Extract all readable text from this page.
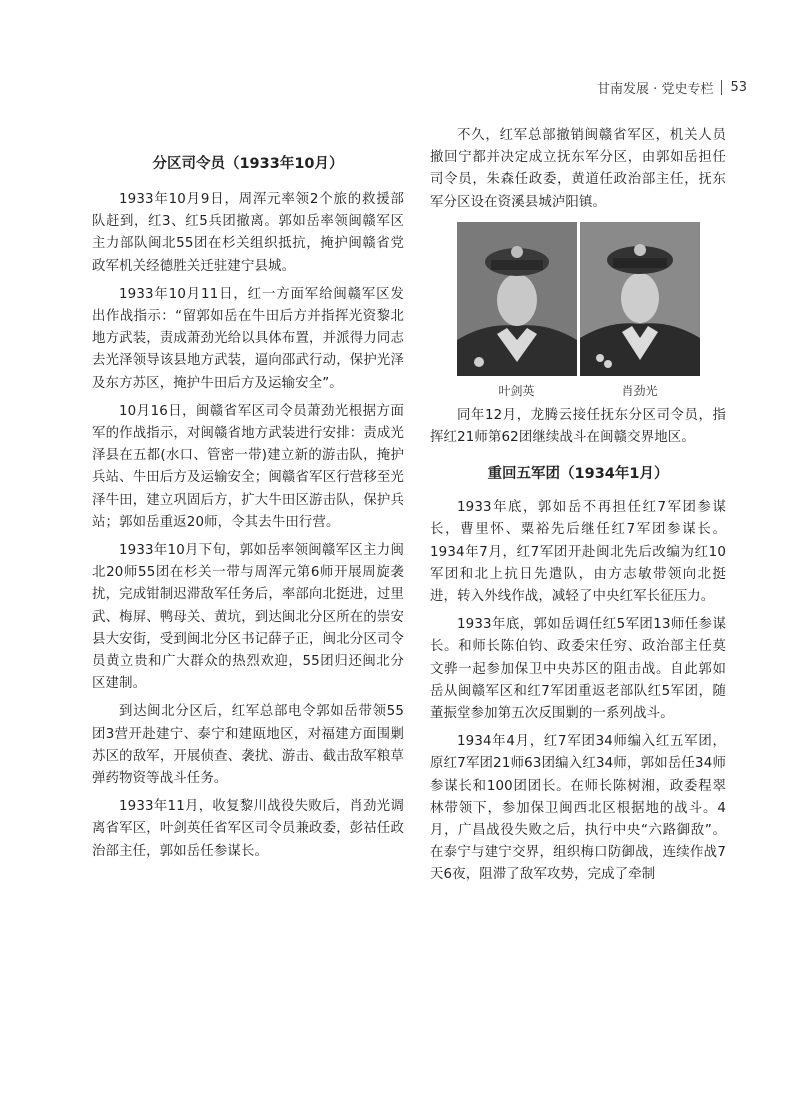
甘南发展 · 党史专栏 53
分区司令员（1933年10月）

1933年10月9日，周浑元率领2个旅的救援部队赶到，红3、红5兵团撤离。郭如岳率领闽赣军区主力部队闽北55团在杉关组织抵抗，掩护闽赣省党政军机关经德胜关迁驻建宁县城。

1933年10月11日，红一方面军给闽赣军区发出作战指示：“留郭如岳在牛田后方并指挥光资黎北地方武装，责成萧劲光给以具体布置，并派得力同志去光泽领导该县地方武装，逼向邵武行动，保护光泽及东方苏区，掩护牛田后方及运输安全”。

10月16日，闽赣省军区司令员萧劲光根据方面军的作战指示，对闽赣省地方武装进行安排：责成光泽县在五都(水口、管密一带)建立新的游击队，掩护兵站、牛田后方及运输安全；闽赣省军区行营移至光泽牛田，建立巩固后方，扩大牛田区游击队，保护兵站；郭如岳重返20师，令其去牛田行营。

1933年10月下旬，郭如岳率领闽赣军区主力闽北20师55团在杉关一带与周浑元第6师开展周旋袭扰，完成钳制迟滞敌军任务后，率部向北挺进，过里武、梅屏、鸭母关、黄坑，到达闽北分区所在的崇安县大安街，受到闽北分区书记薛子正，闽北分区司令员黄立贵和广大群众的热烈欢迎，55团归还闽北分区建制。

到达闽北分区后，红军总部电令郭如岳带领55团3营开赴建宁、泰宁和建瓯地区，对福建方面围剿苏区的敌军，开展侦查、袭扰、游击、截击敌军粮草弹药物资等战斗任务。

1933年11月，收复黎川战役失败后，肖劲光调离省军区，叶剑英任省军区司令员兼政委，彭祜任政治部主任，郭如岳任参谋长。

不久，红军总部撤销闽赣省军区，机关人员撤回宁都并决定成立抚东军分区，由郭如岳担任司令员，朱森任政委，黄道任政治部主任，抚东军分区设在资溪县城泸阳镇。

叶剑英	肖劲光

同年12月，龙腾云接任抚东分区司令员，指挥红21师第62团继续战斗在闽赣交界地区。

重回五军团（1934年1月）

1933年底，郭如岳不再担任红7军团参谋长，曹里怀、粟裕先后继任红7军团参谋长。1934年7月，红7军团开赴闽北先后改编为红10军团和北上抗日先遣队，由方志敏带领向北挺进，转入外线作战，减轻了中央红军长征压力。

1933年底，郭如岳调任红5军团13师任参谋长。和师长陈伯钧、政委宋任穷、政治部主任莫文骅一起参加保卫中央苏区的阻击战。自此郭如岳从闽赣军区和红7军团重返老部队红5军团，随董振堂参加第五次反围剿的一系列战斗。

1934年4月，红7军团34师编入红五军团，原红7军团21师63团编入红34师，郭如岳任34师参谋长和100团团长。在师长陈树湘，政委程翠林带领下，参加保卫闽西北区根据地的战斗。4月，广昌战役失败之后，执行中央“六路御敌”。在泰宁与建宁交界，组织梅口防御战，连续作战7天6夜，阻滞了敌军攻势，完成了牵制
